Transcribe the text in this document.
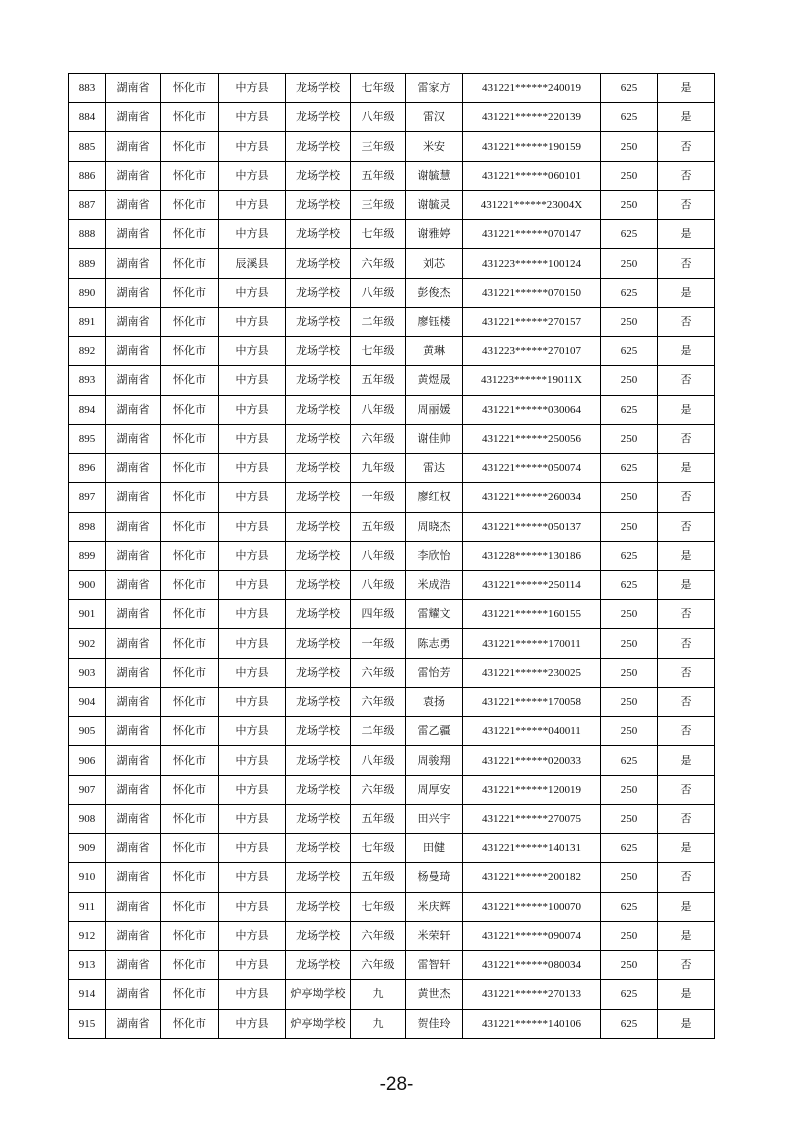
883	湖南省	怀化市	中方县	龙场学校	七年级	雷家方	431221******240019	625	是
884	湖南省	怀化市	中方县	龙场学校	八年级	雷汉	431221******220139	625	是
885	湖南省	怀化市	中方县	龙场学校	三年级	米安	431221******190159	250	否
886	湖南省	怀化市	中方县	龙场学校	五年级	谢毓慧	431221******060101	250	否
887	湖南省	怀化市	中方县	龙场学校	三年级	谢毓灵	431221******23004X	250	否
888	湖南省	怀化市	中方县	龙场学校	七年级	谢雅婷	431221******070147	625	是
889	湖南省	怀化市	辰溪县	龙场学校	六年级	刘芯	431223******100124	250	否
890	湖南省	怀化市	中方县	龙场学校	八年级	彭俊杰	431221******070150	625	是
891	湖南省	怀化市	中方县	龙场学校	二年级	廖钰楼	431221******270157	250	否
892	湖南省	怀化市	中方县	龙场学校	七年级	黄琳	431223******270107	625	是
893	湖南省	怀化市	中方县	龙场学校	五年级	黄煜晟	431223******19011X	250	否
894	湖南省	怀化市	中方县	龙场学校	八年级	周丽媛	431221******030064	625	是
895	湖南省	怀化市	中方县	龙场学校	六年级	谢佳帅	431221******250056	250	否
896	湖南省	怀化市	中方县	龙场学校	九年级	雷达	431221******050074	625	是
897	湖南省	怀化市	中方县	龙场学校	一年级	廖红权	431221******260034	250	否
898	湖南省	怀化市	中方县	龙场学校	五年级	周晓杰	431221******050137	250	否
899	湖南省	怀化市	中方县	龙场学校	八年级	李欣怡	431228******130186	625	是
900	湖南省	怀化市	中方县	龙场学校	八年级	米成浩	431221******250114	625	是
901	湖南省	怀化市	中方县	龙场学校	四年级	雷耀文	431221******160155	250	否
902	湖南省	怀化市	中方县	龙场学校	一年级	陈志勇	431221******170011	250	否
903	湖南省	怀化市	中方县	龙场学校	六年级	雷怡芳	431221******230025	250	否
904	湖南省	怀化市	中方县	龙场学校	六年级	袁扬	431221******170058	250	否
905	湖南省	怀化市	中方县	龙场学校	二年级	雷乙疆	431221******040011	250	否
906	湖南省	怀化市	中方县	龙场学校	八年级	周骏翔	431221******020033	625	是
907	湖南省	怀化市	中方县	龙场学校	六年级	周厚安	431221******120019	250	否
908	湖南省	怀化市	中方县	龙场学校	五年级	田兴宇	431221******270075	250	否
909	湖南省	怀化市	中方县	龙场学校	七年级	田健	431221******140131	625	是
910	湖南省	怀化市	中方县	龙场学校	五年级	杨曼琦	431221******200182	250	否
911	湖南省	怀化市	中方县	龙场学校	七年级	米庆辉	431221******100070	625	是
912	湖南省	怀化市	中方县	龙场学校	六年级	米荣轩	431221******090074	250	是
913	湖南省	怀化市	中方县	龙场学校	六年级	雷智轩	431221******080034	250	否
914	湖南省	怀化市	中方县	炉亭坳学校	九	黄世杰	431221******270133	625	是
915	湖南省	怀化市	中方县	炉亭坳学校	九	贺佳玲	431221******140106	625	是
-28-
